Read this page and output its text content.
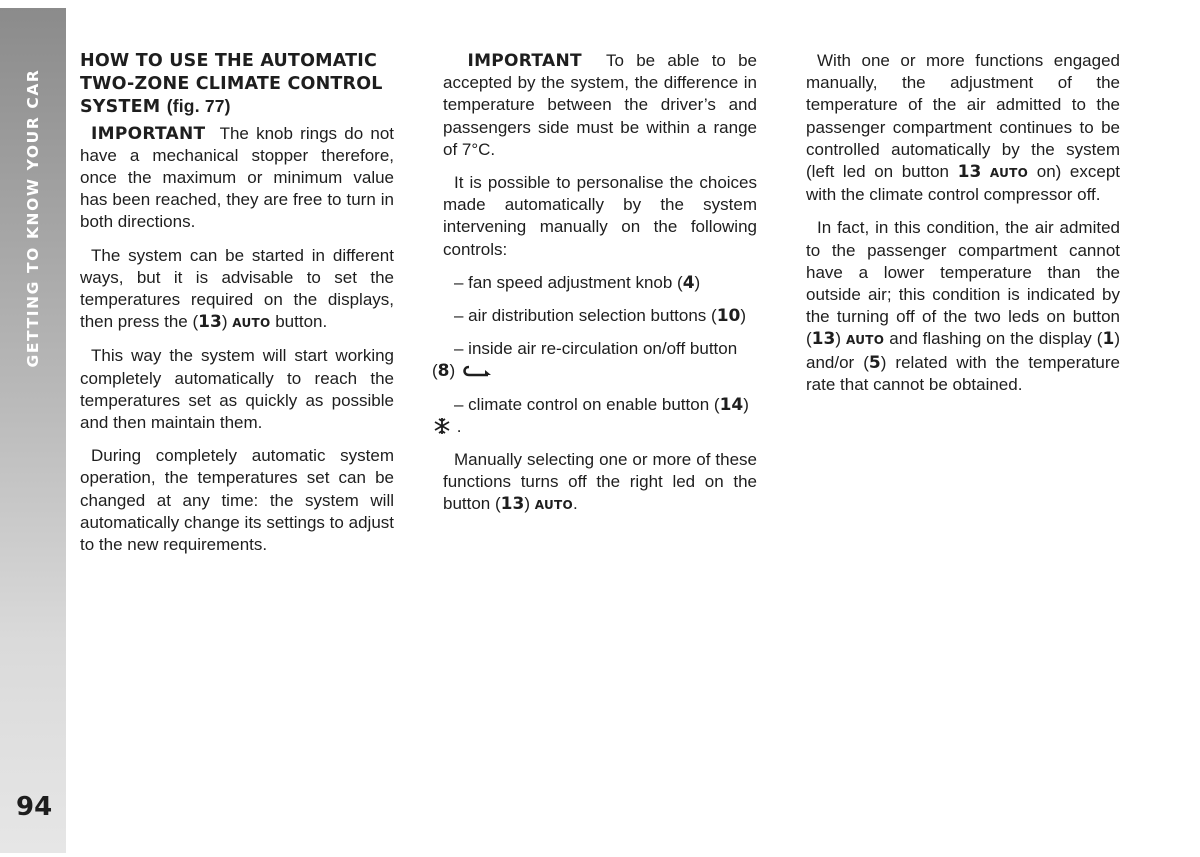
GETTING TO KNOW YOUR CAR
94
HOW TO USE THE AUTOMATIC
TWO-ZONE CLIMATE CONTROL
SYSTEM (fig. 77)

IMPORTANT The knob rings do not have a mechanical stopper therefore, once the maximum or minimum value has been reached, they are free to turn in both directions.

The system can be started in different ways, but it is advisable to set the temperatures required on the displays, then press the (13) AUTO button.

This way the system will start working completely automatically to reach the temperatures set as quickly as possible and then maintain them.

During completely automatic system operation, the temperatures set can be changed at any time: the system will automatically change its settings to adjust to the new requirements.

IMPORTANT To be able to be accepted by the system, the difference in temperature between the driver’s and passengers side must be within a range of 7°C.

It is possible to personalise the choices made automatically by the system intervening manually on the following controls:

– fan speed adjustment knob (4)

– air distribution selection buttons (10)

– inside air re-circulation on/off button
(8)

– climate control on enable button (14)

.

Manually selecting one or more of these functions turns off the right led on the button (13) AUTO.

With one or more functions engaged manually, the adjustment of the temperature of the air admitted to the passenger compartment continues to be controlled automatically by the system (left led on button 13 AUTO on) except with the climate control compressor off.

In fact, in this condition, the air admited to the passenger compartment cannot have a lower temperature than the outside air; this condition is indicated by the turning off of the two leds on button (13) AUTO and flashing on the display (1) and/or (5) related with the temperature rate that cannot be obtained.
